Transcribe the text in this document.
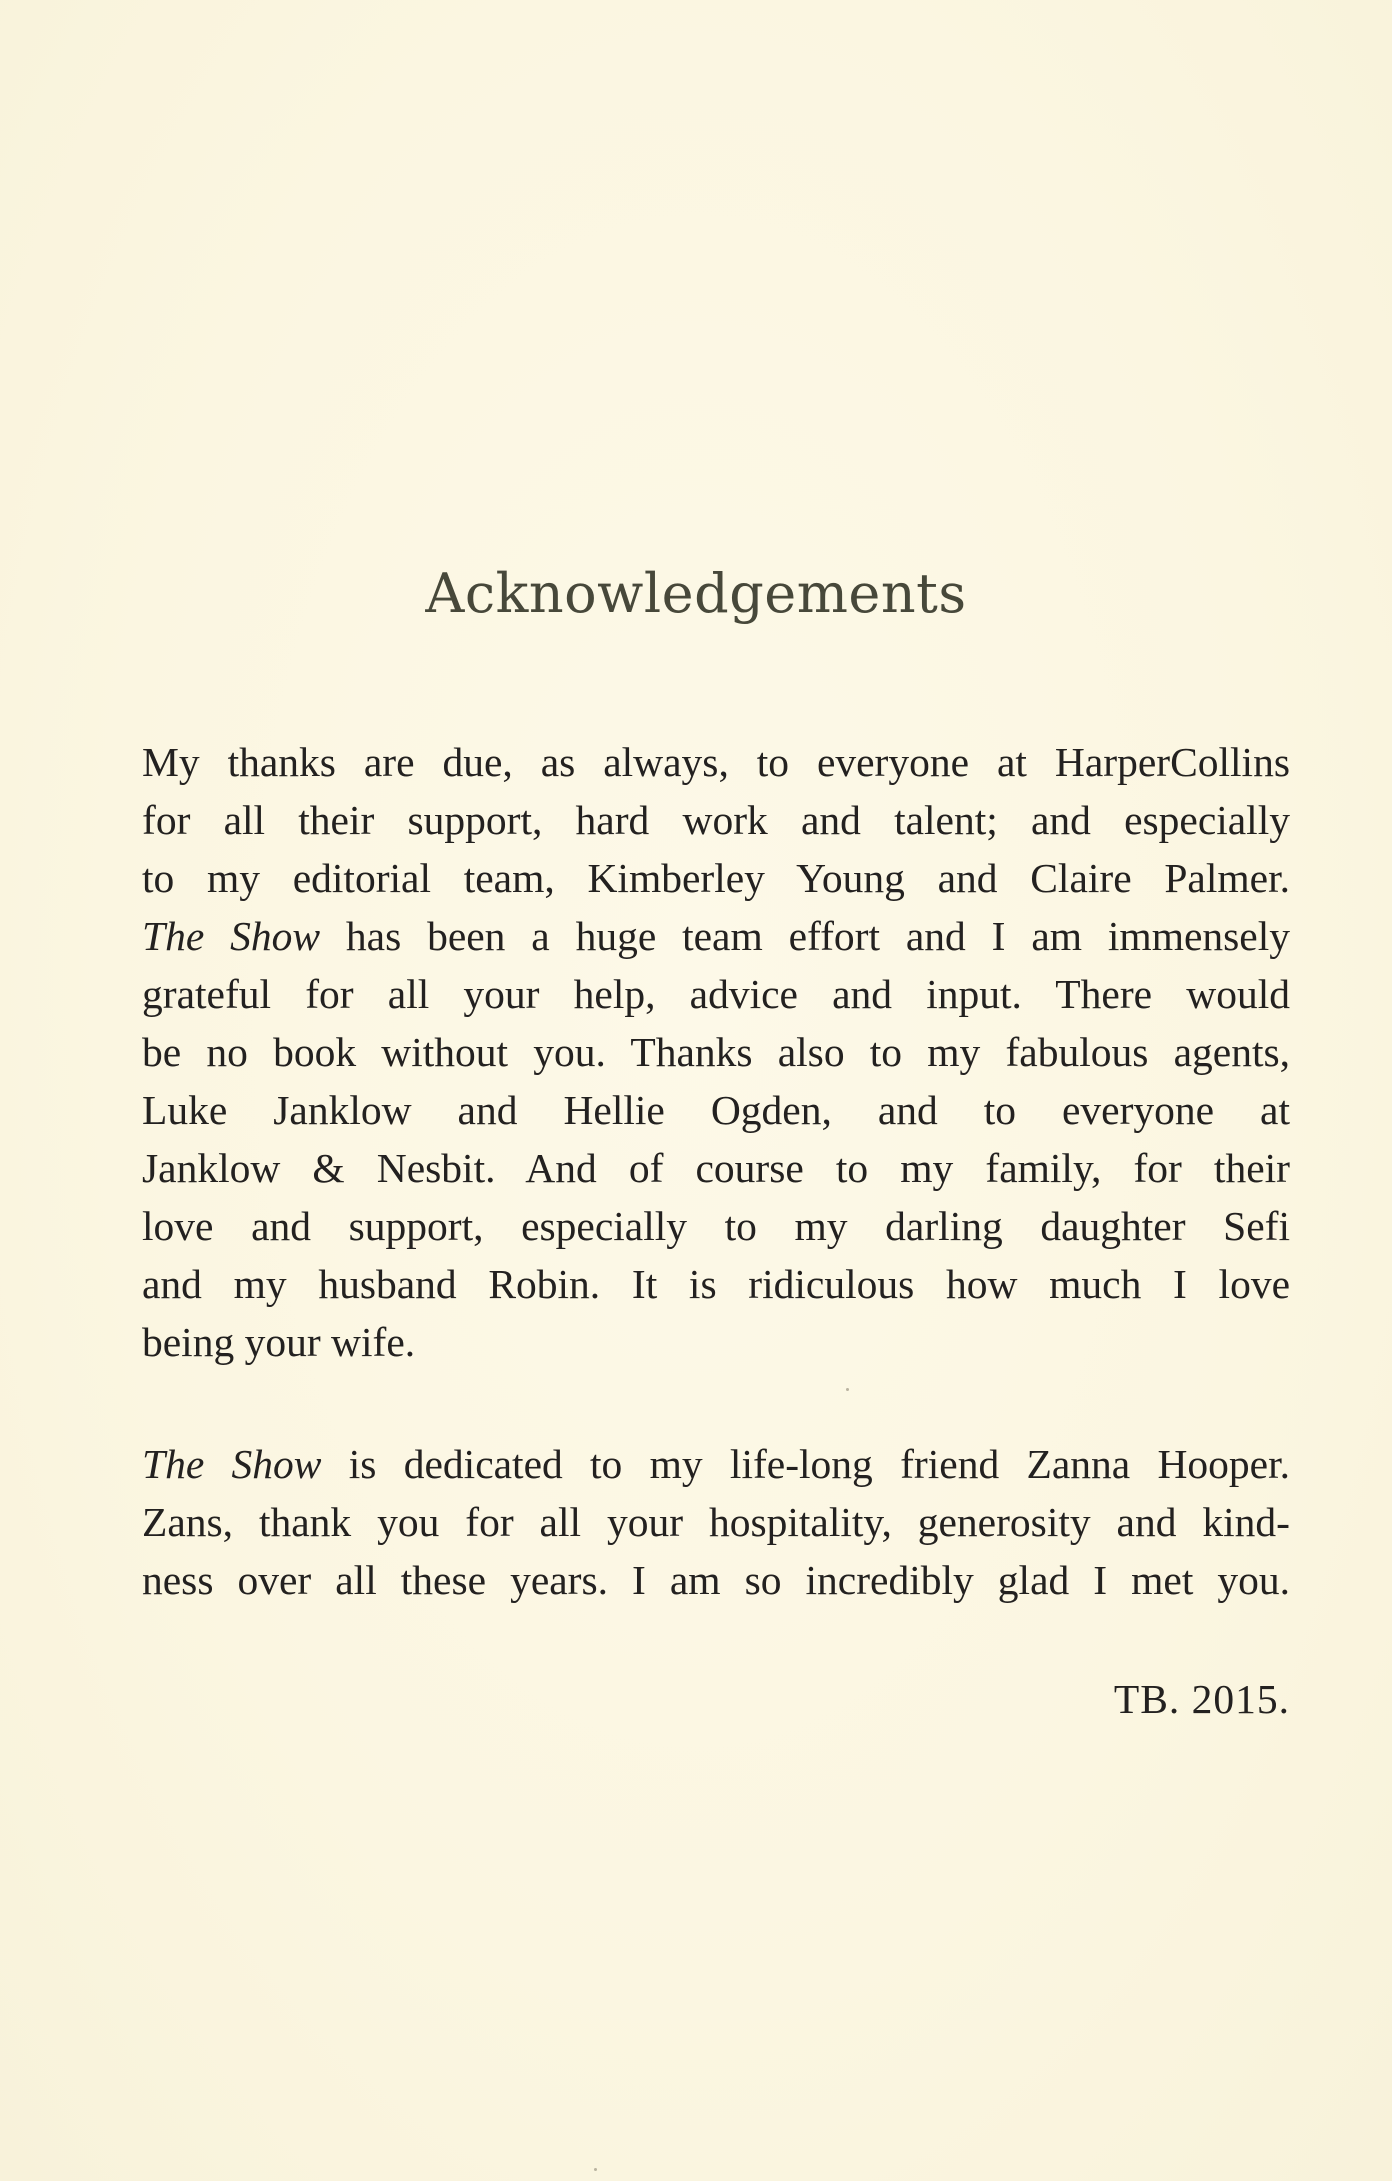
Acknowledgements
My thanks are due, as always, to everyone at HarperCollins
for all their support, hard work and talent; and especially
to my editorial team, Kimberley Young and Claire Palmer.
The Show has been a huge team effort and I am immensely
grateful for all your help, advice and input. There would
be no book without you. Thanks also to my fabulous agents,
Luke Janklow and Hellie Ogden, and to everyone at
Janklow & Nesbit. And of course to my family, for their
love and support, especially to my darling daughter Sefi
and my husband Robin. It is ridiculous how much I love
being your wife.
The Show is dedicated to my life-long friend Zanna Hooper.
Zans, thank you for all your hospitality, generosity and kind-
ness over all these years. I am so incredibly glad I met you.
TB. 2015.
